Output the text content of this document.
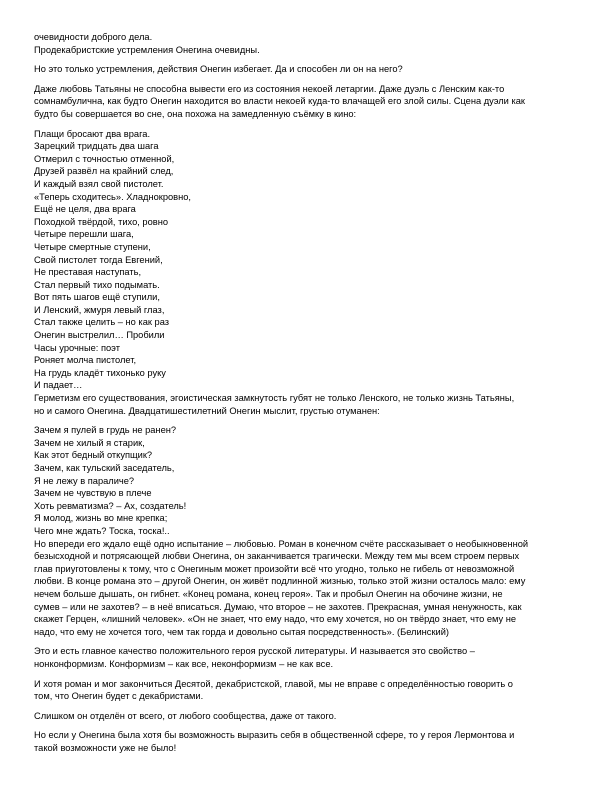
очевидности доброго дела.
Продекабристские устремления Онегина очевидны.
Но это только устремления, действия Онегин избегает. Да и способен ли он на него?
Даже любовь Татьяны не способна вывести его из состояния некоей летаргии. Даже дуэль с Ленским как-то
сомнамбулична, как будто Онегин находится во власти некоей куда-то влачащей его злой силы. Сцена дуэли как
будто бы совершается во сне, она похожа на замедленную съёмку в кино:
Плащи бросают два врага.
Зарецкий тридцать два шага
Отмерил с точностью отменной,
Друзей развёл на крайний след,
И каждый взял свой пистолет.
«Теперь сходитесь». Хладнокровно,
Ещё не целя, два врага
Походкой твёрдой, тихо, ровно
Четыре перешли шага,
Четыре смертные ступени,
Свой пистолет тогда Евгений,
Не преставая наступать,
Стал первый тихо подымать.
Вот пять шагов ещё ступили,
И Ленский, жмуря левый глаз,
Стал также целить – но как раз
Онегин выстрелил… Пробили
Часы урочные: поэт
Роняет молча пистолет,
На грудь кладёт тихонько руку
И падает…
Герметизм его существования, эгоистическая замкнутость губят не только Ленского, не только жизнь Татьяны,
но и самого Онегина. Двадцатишестилетний Онегин мыслит, грустью отуманен:
Зачем я пулей в грудь не ранен?
Зачем не хилый я старик,
Как этот бедный откупщик?
Зачем, как тульский заседатель,
Я не лежу в параличе?
Зачем не чувствую в плече
Хоть ревматизма? – Ах, создатель!
Я молод, жизнь во мне крепка;
Чего мне ждать? Тоска, тоска!..
Но впереди его ждало ещё одно испытание – любовью. Роман в конечном счёте рассказывает о необыкновенной
безысходной и потрясающей любви Онегина, он заканчивается трагически. Между тем мы всем строем первых
глав приуготовлены к тому, что с Онегиным может произойти всё что угодно, только не гибель от невозможной
любви. В конце романа это – другой Онегин, он живёт подлинной жизнью, только этой жизни осталось мало: ему
нечем больше дышать, он гибнет. «Конец романа, конец героя». Так и пробыл Онегин на обочине жизни, не
сумев – или не захотев? – в неё вписаться. Думаю, что второе – не захотев. Прекрасная, умная ненужность, как
скажет Герцен, «лишний человек». «Он не знает, что ему надо, что ему хочется, но он твёрдо знает, что ему не
надо, что ему не хочется того, чем так горда и довольно сытая посредственность». (Белинский)
Это и есть главное качество положительного героя русской литературы. И называется это свойство –
нонконформизм. Конформизм – как все, неконформизм – не как все.
И хотя роман и мог закончиться Десятой, декабристской, главой, мы не вправе с определённостью говорить о
том, что Онегин будет с декабристами.
Слишком он отделён от всего, от любого сообщества, даже от такого.
Но если у Онегина была хотя бы возможность выразить себя в общественной сфере, то у героя Лермонтова и
такой возможности уже не было!
